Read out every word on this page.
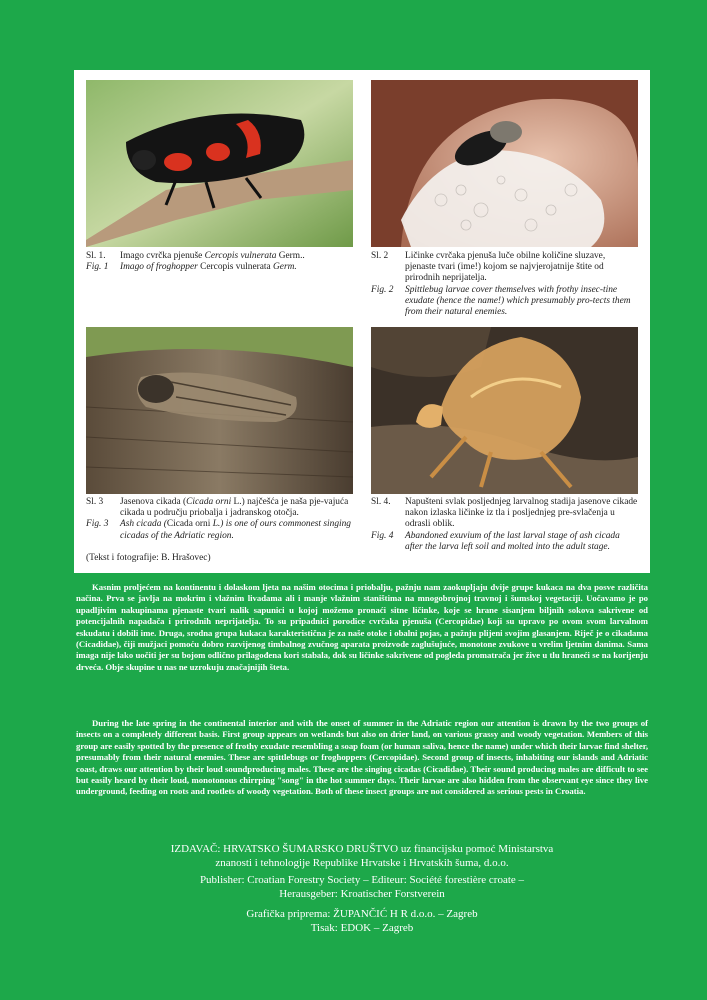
Sl. 1.	Imago cvrčka pjenuše Cercopis vulnerata Germ..
Fig. 1	Imago of froghopper Cercopis vulnerata Germ.
Sl. 2	Ličinke cvrčaka pjenuša luče obilne količine sluzave, pjenaste tvari (ime!) kojom se najvjerojatnije štite od prirodnih neprijatelja.
Fig. 2	Spittlebug larvae cover themselves with frothy insec-tine exudate (hence the name!) which presumably pro-tects them from their natural enemies.
Sl. 3	Jasenova cikada (Cicada orni L.) najčešća je naša pje-vajuća cikada u području priobalja i jadranskog otočja.
Fig. 3	Ash cicada (Cicada orni L.) is one of ours commonest singing cicadas of the Adriatic region.
Sl. 4.	Napušteni svlak posljednjeg larvalnog stadija jasenove cikade nakon izlaska ličinke iz tla i posljednjeg pre-svlačenja u odrasli oblik.
Fig. 4	Abandoned exuvium of the last larval stage of ash cicada after the larva left soil and molted into the adult stage.
(Tekst i fotografije: B. Hrašovec)

Kasnim proljećem na kontinentu i dolaskom ljeta na našim otocima i priobalju, pažnju nam zaokupljaju dvije grupe kukaca na dva posve različita načina. Prva se javlja na mokrim i vlažnim livadama ali i manje vlažnim staništima na mnogobrojnoj travnoj i šumskoj vegetaciji. Uočavamo je po upadljivim nakupinama pjenaste tvari nalik sapunici u kojoj možemo pronaći sitne ličinke, koje se hrane sisanjem biljnih sokova sakrivene od potencijalnih napadača i prirodnih neprijatelja. To su pripadnici porodice cvrčaka pjenuša (Cercopidae) koji su upravo po ovom svom larvalnom eskudatu i dobili ime. Druga, srodna grupa kukaca karakteristična je za naše otoke i obalni pojas, a pažnju plijeni svojim glasanjem. Riječ je o cikadama (Cicadidae), čiji mužjaci pomoću dobro razvijenog timbalnog zvučnog aparata proizvode zaglušujuće, monotone zvukove u vrelim ljetnim danima. Sama imaga nije lako uočiti jer su bojom odlično prilagođena kori stabala, dok su ličinke sakrivene od pogleda promatrača jer žive u tlu hraneći se na korijenju drveća. Obje skupine u nas ne uzrokuju značajnijih šteta.

During the late spring in the continental interior and with the onset of summer in the Adriatic region our attention is drawn by the two groups of insects on a completely different basis. First group appears on wetlands but also on drier land, on various grassy and woody vegetation. Members of this group are easily spotted by the presence of frothy exudate resembling a soap foam (or human saliva, hence the name) under which their larvae find shelter, presumably from their natural enemies. These are spittlebugs or froghoppers (Cercopidae). Second group of insects, inhabiting our islands and Adriatic coast, draws our attention by their loud soundproducing males. These are the singing cicadas (Cicadidae). Their sound producing males are difficult to see but easily heard by their loud, monotonous chirrping "song" in the hot summer days. Their larvae are also hidden from the observant eye since they live underground, feeding on roots and rootlets of woody vegetation. Both of these insect groups are not considered as serious pests in Croatia.

IZDAVAČ: HRVATSKO ŠUMARSKO DRUŠTVO uz financijsku pomoć Ministarstva
znanosti i tehnologije Republike Hrvatske i Hrvatskih šuma, d.o.o.
Publisher: Croatian Forestry Society – Editeur: Société forestière croate –
Herausgeber: Kroatischer Forstverein
Grafička priprema: ŽUPANČIĆ H R d.o.o. – Zagreb
Tisak: EDOK – Zagreb
